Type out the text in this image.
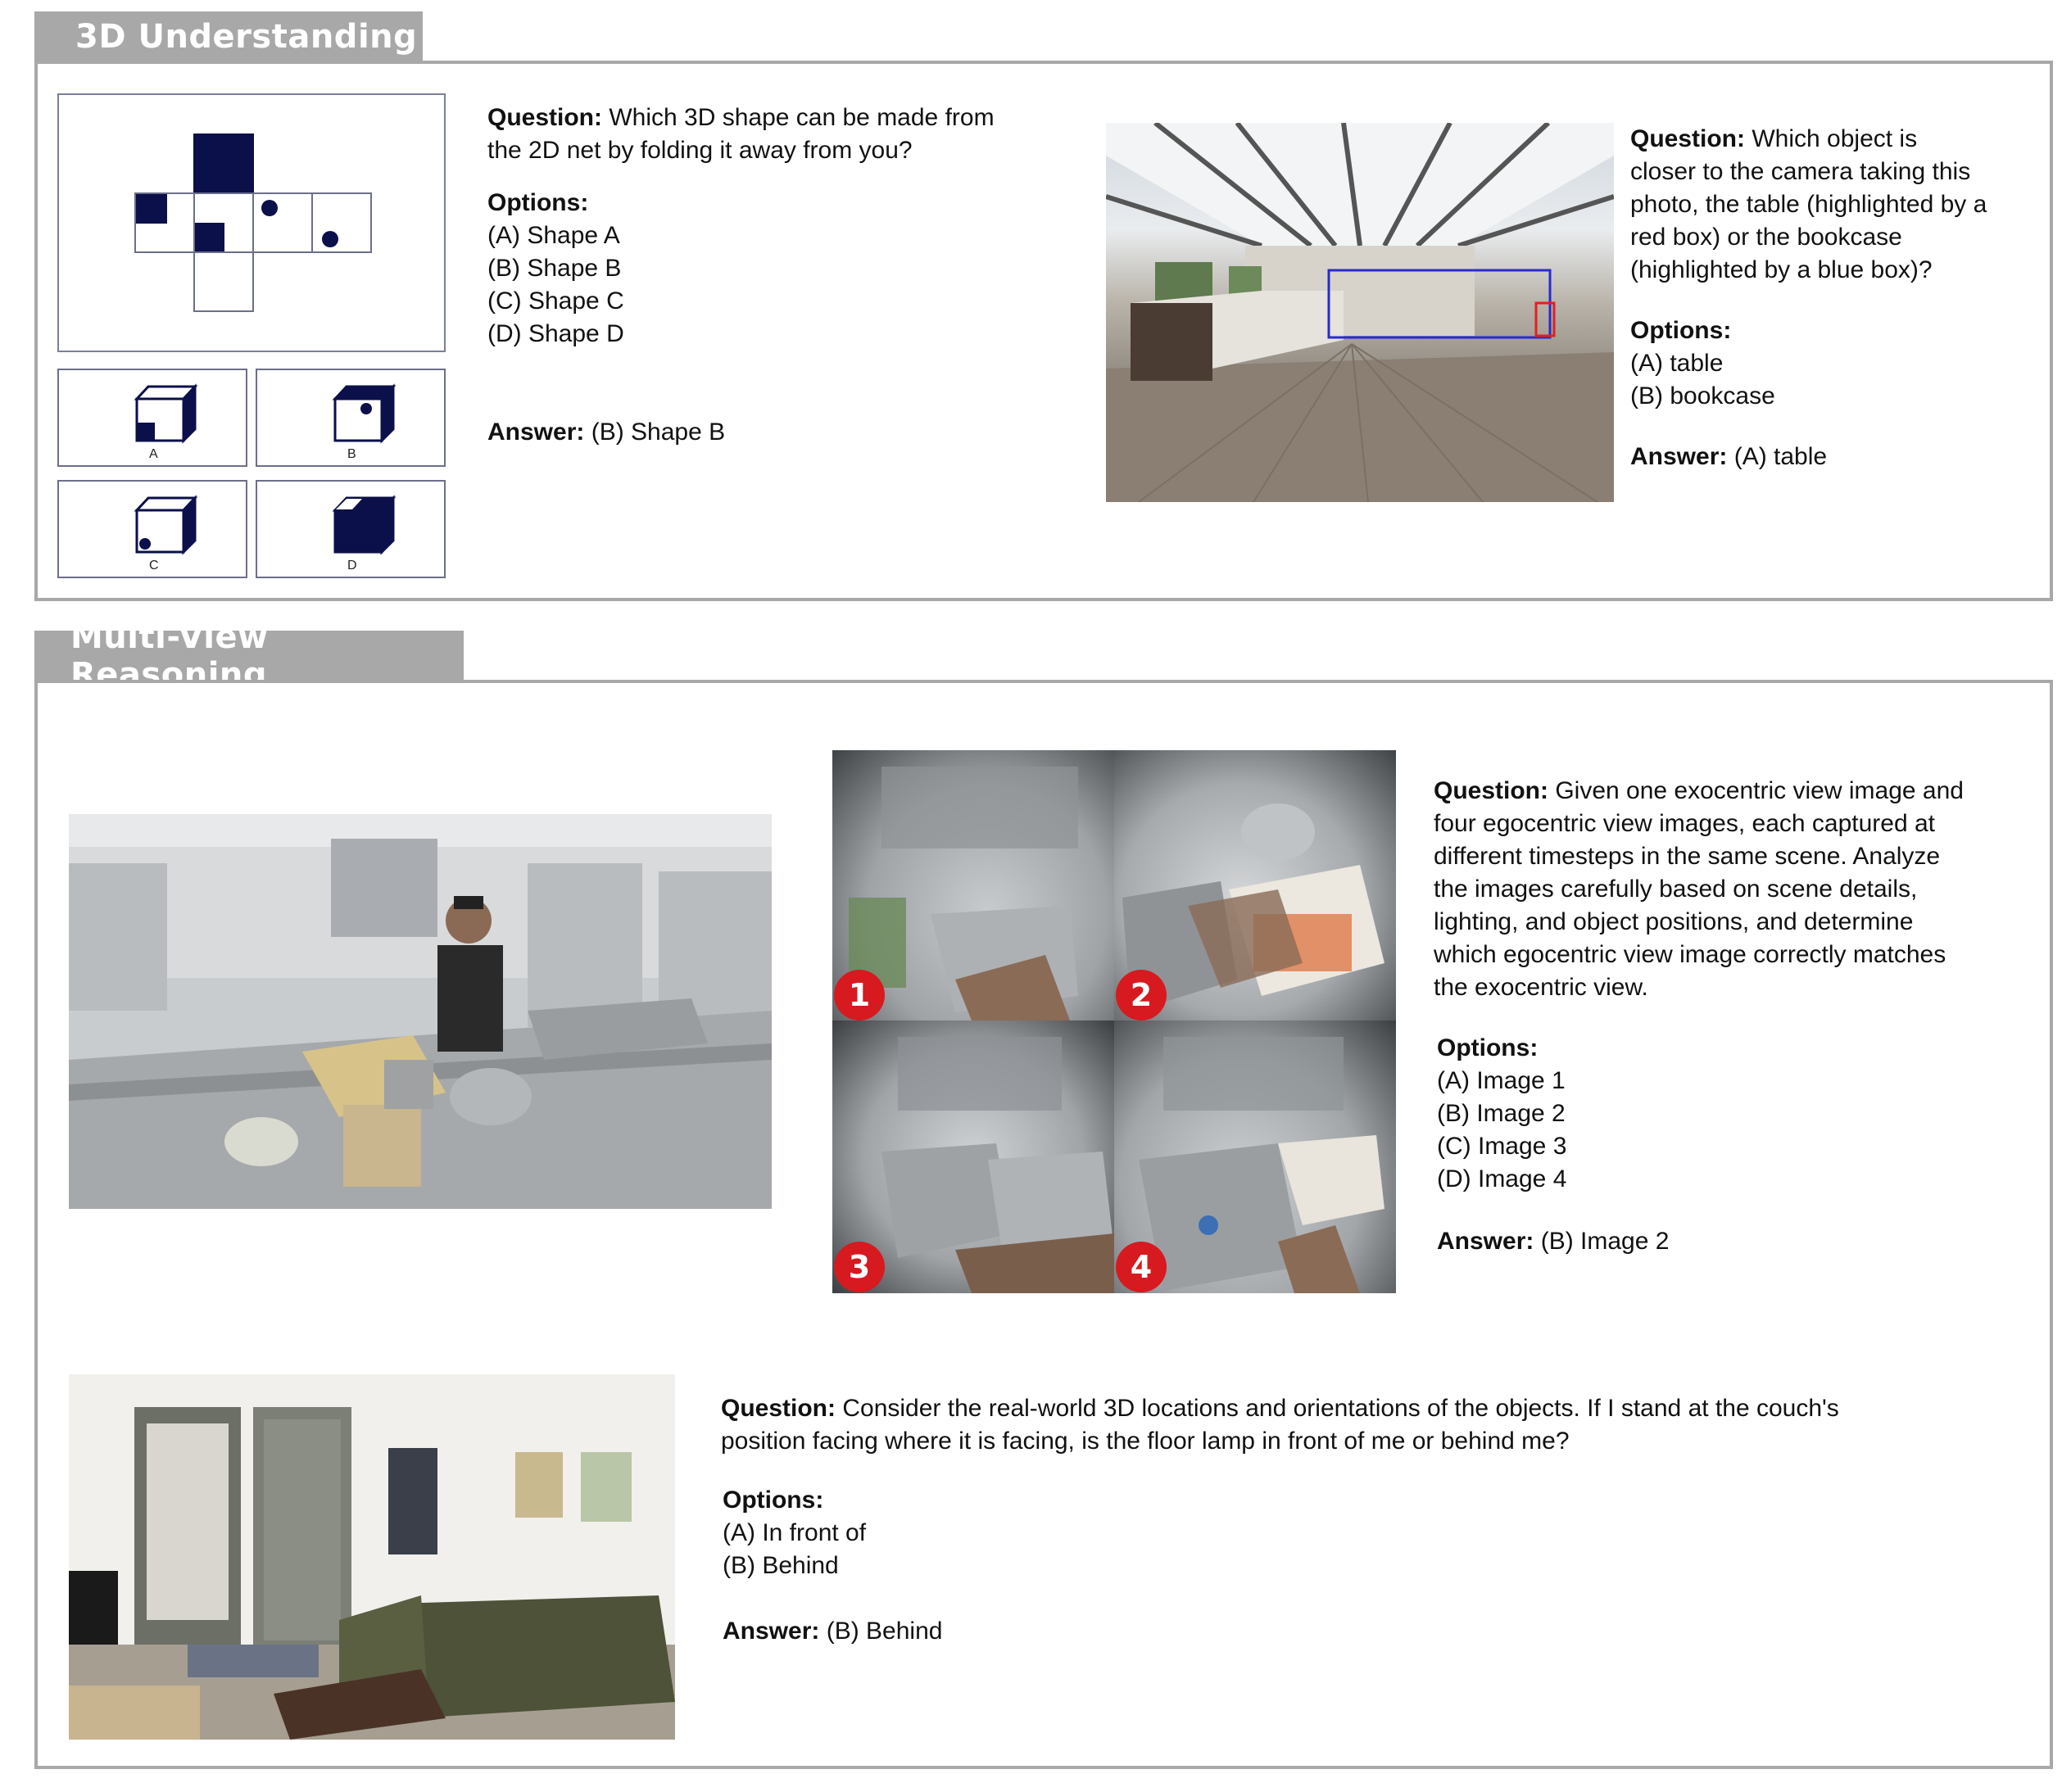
3D Understanding
A	B
C	D
Question: Which 3D shape can be made from
the 2D net by folding it away from you?
Options:
(A) Shape A
(B) Shape B
(C) Shape C
(D) Shape D
Answer: (B) Shape B
Question: Which object is
closer to the camera taking this
photo, the table (highlighted by a
red box) or the bookcase
(highlighted by a blue box)?
Options:
(A) table
(B) bookcase
Answer: (A) table
Multi-View Reasoning
1	2
3	4
Question: Given one exocentric view image and
four egocentric view images, each captured at
different timesteps in the same scene. Analyze
the images carefully based on scene details,
lighting, and object positions, and determine
which egocentric view image correctly matches
the exocentric view.
Options:
(A) Image 1
(B) Image 2
(C) Image 3
(D) Image 4
Answer: (B) Image 2
Question: Consider the real-world 3D locations and orientations of the objects. If I stand at the couch's
position facing where it is facing, is the floor lamp in front of me or behind me?
Options:
(A) In front of
(B) Behind
Answer: (B) Behind
